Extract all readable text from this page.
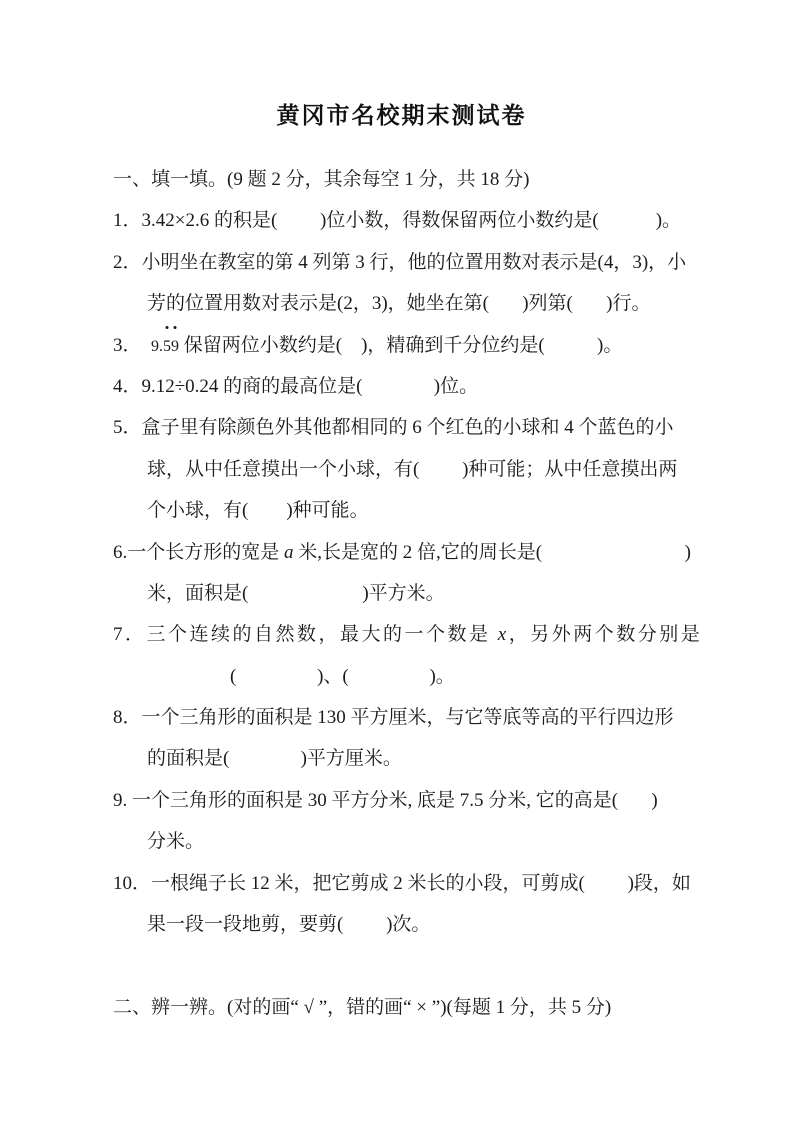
黄冈市名校期末测试卷
一、填一填。(9 题 2 分，其余每空 1 分，共 18 分)
1．3.42×2.6 的积是(         )位小数，得数保留两位小数约是(            )。
2．小明坐在教室的第 4 列第 3 行，他的位置用数对表示是(4，3)，小
芳的位置用数对表示是(2，3)，她坐在第(       )列第(       )行。
3．  9.59 保留两位小数约是(    )，精确到千分位约是(           )。
4．9.12÷0.24 的商的最高位是(               )位。
5．盒子里有除颜色外其他都相同的 6 个红色的小球和 4 个蓝色的小
球，从中任意摸出一个小球，有(         )种可能；从中任意摸出两
个小球，有(        )种可能。
6.一个长方形的宽是 a 米,长是宽的 2 倍,它的周长是(                              )
米，面积是(                        )平方米。
7．三个连续的自然数，最大的一个数是 x，另外两个数分别是
(                 )、(                 )。
8．一个三角形的面积是 130 平方厘米，与它等底等高的平行四边形
的面积是(               )平方厘米。
9. 一个三角形的面积是 30 平方分米, 底是 7.5 分米, 它的高是(       )
分米。
10．一根绳子长 12 米，把它剪成 2 米长的小段，可剪成(         )段，如
果一段一段地剪，要剪(         )次。
二、辨一辨。(对的画“ √ ”，错的画“ × ”)(每题 1 分，共 5 分)
